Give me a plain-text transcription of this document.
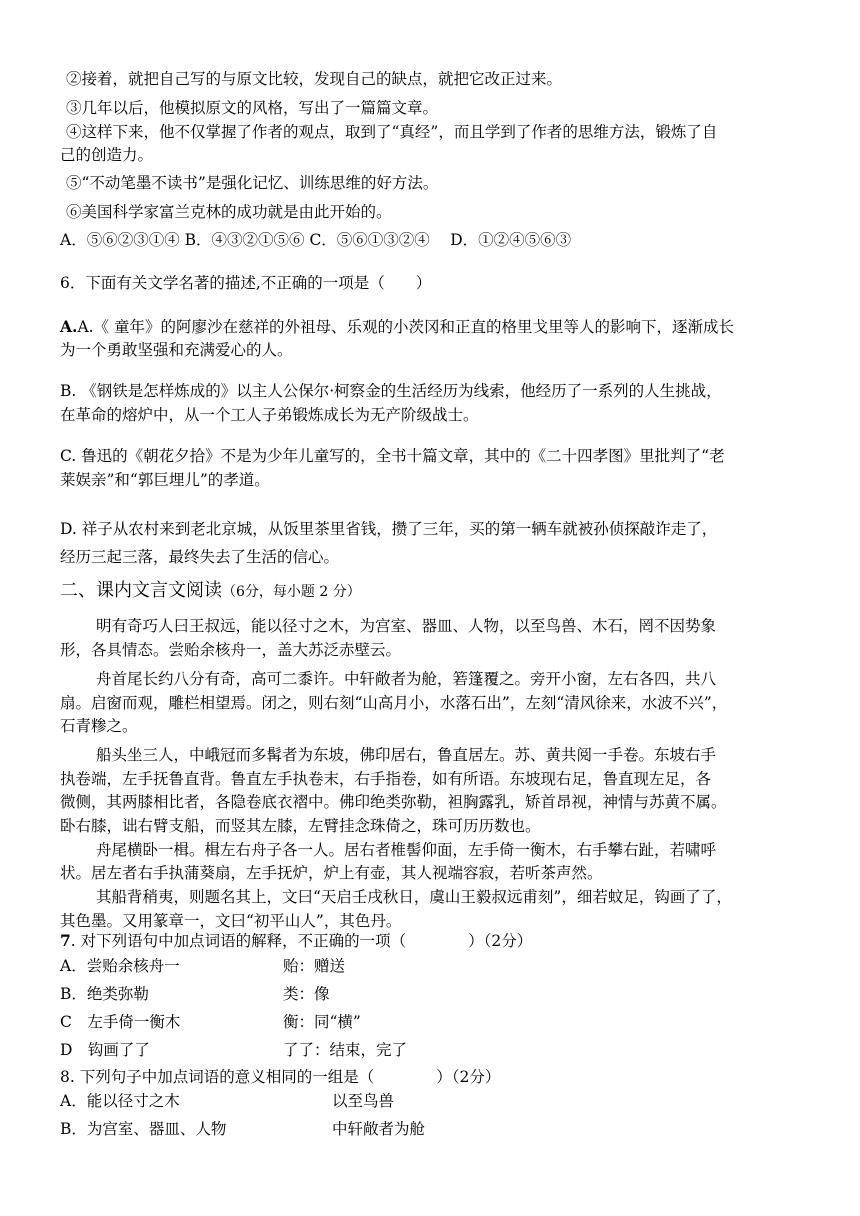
②接着，就把自己写的与原文比较，发现自己的缺点，就把它改正过来。
③几年以后，他模拟原文的风格，写出了一篇篇文章。
④这样下来，他不仅掌握了作者的观点，取到了“真经”，而且学到了作者的思维方法，锻炼了自
己的创造力。
⑤“不动笔墨不读书”是强化记忆、训练思维的好方法。
⑥美国科学家富兰克林的成功就是由此开始的。
A．⑤⑥②③①④ B．④③②①⑤⑥ C．⑤⑥①③②④　 D．①②④⑤⑥③
6．下面有关文学名著的描述,不正确的一项是（　　）
A.A.《 童年》的阿廖沙在慈祥的外祖母、乐观的小茨冈和正直的格里戈里等人的影响下，逐渐成长
为一个勇敢坚强和充满爱心的人。
B. 《钢铁是怎样炼成的》以主人公保尔·柯察金的生活经历为线索，他经历了一系列的人生挑战，
在革命的熔炉中，从一个工人子弟锻炼成长为无产阶级战士。
C. 鲁迅的《朝花夕拾》不是为少年儿童写的，全书十篇文章，其中的《二十四孝图》里批判了“老
莱娱亲”和“郭巨埋儿”的孝道。
D. 祥子从农村来到老北京城，从饭里茶里省钱，攒了三年，买的第一辆车就被孙侦探敲诈走了，
经历三起三落，最终失去了生活的信心。
二、课内文言文阅读（6分，每小题 2 分）
明有奇巧人曰王叔远，能以径寸之木，为宫室、器皿、人物，以至鸟兽、木石，罔不因势象
形，各具情态。尝贻余核舟一，盖大苏泛赤壁云。
舟首尾长约八分有奇，高可二黍许。中轩敞者为舱，箬篷覆之。旁开小窗，左右各四，共八
扇。启窗而观，雕栏相望焉。闭之，则右刻“山高月小，水落石出”，左刻“清风徐来，水波不兴”，
石青糁之。
船头坐三人，中峨冠而多髯者为东坡，佛印居右，鲁直居左。苏、黄共阅一手卷。东坡右手
执卷端，左手抚鲁直背。鲁直左手执卷末，右手指卷，如有所语。东坡现右足，鲁直现左足，各
微侧，其两膝相比者，各隐卷底衣褶中。佛印绝类弥勒，袒胸露乳，矫首昂视，神情与苏黄不属。
卧右膝，诎右臂支船，而竖其左膝，左臂挂念珠倚之，珠可历历数也。
舟尾横卧一楫。楫左右舟子各一人。居右者椎髻仰面，左手倚一衡木，右手攀右趾，若啸呼
状。居左者右手执蒲葵扇，左手抚炉，炉上有壶，其人视端容寂，若听茶声然。
其船背稍夷，则题名其上，文曰“天启壬戌秋日，虞山王毅叔远甫刻”，细若蚊足，钩画了了，
其色墨。又用篆章一，文曰“初平山人”，其色丹。
7. 对下列语句中加点词语的解释，不正确的一项（　　　　）（2分）
A．尝贻余核舟一	贻：赠送
B．绝类弥勒	类：像
C　左手倚一衡木	衡：同“横”
D　钩画了了	了了：结束，完了
8. 下列句子中加点词语的意义相同的一组是（　　　　）（2分）
A．能以径寸之木	以至鸟兽
B．为宫室、器皿、人物	中轩敞者为舱
